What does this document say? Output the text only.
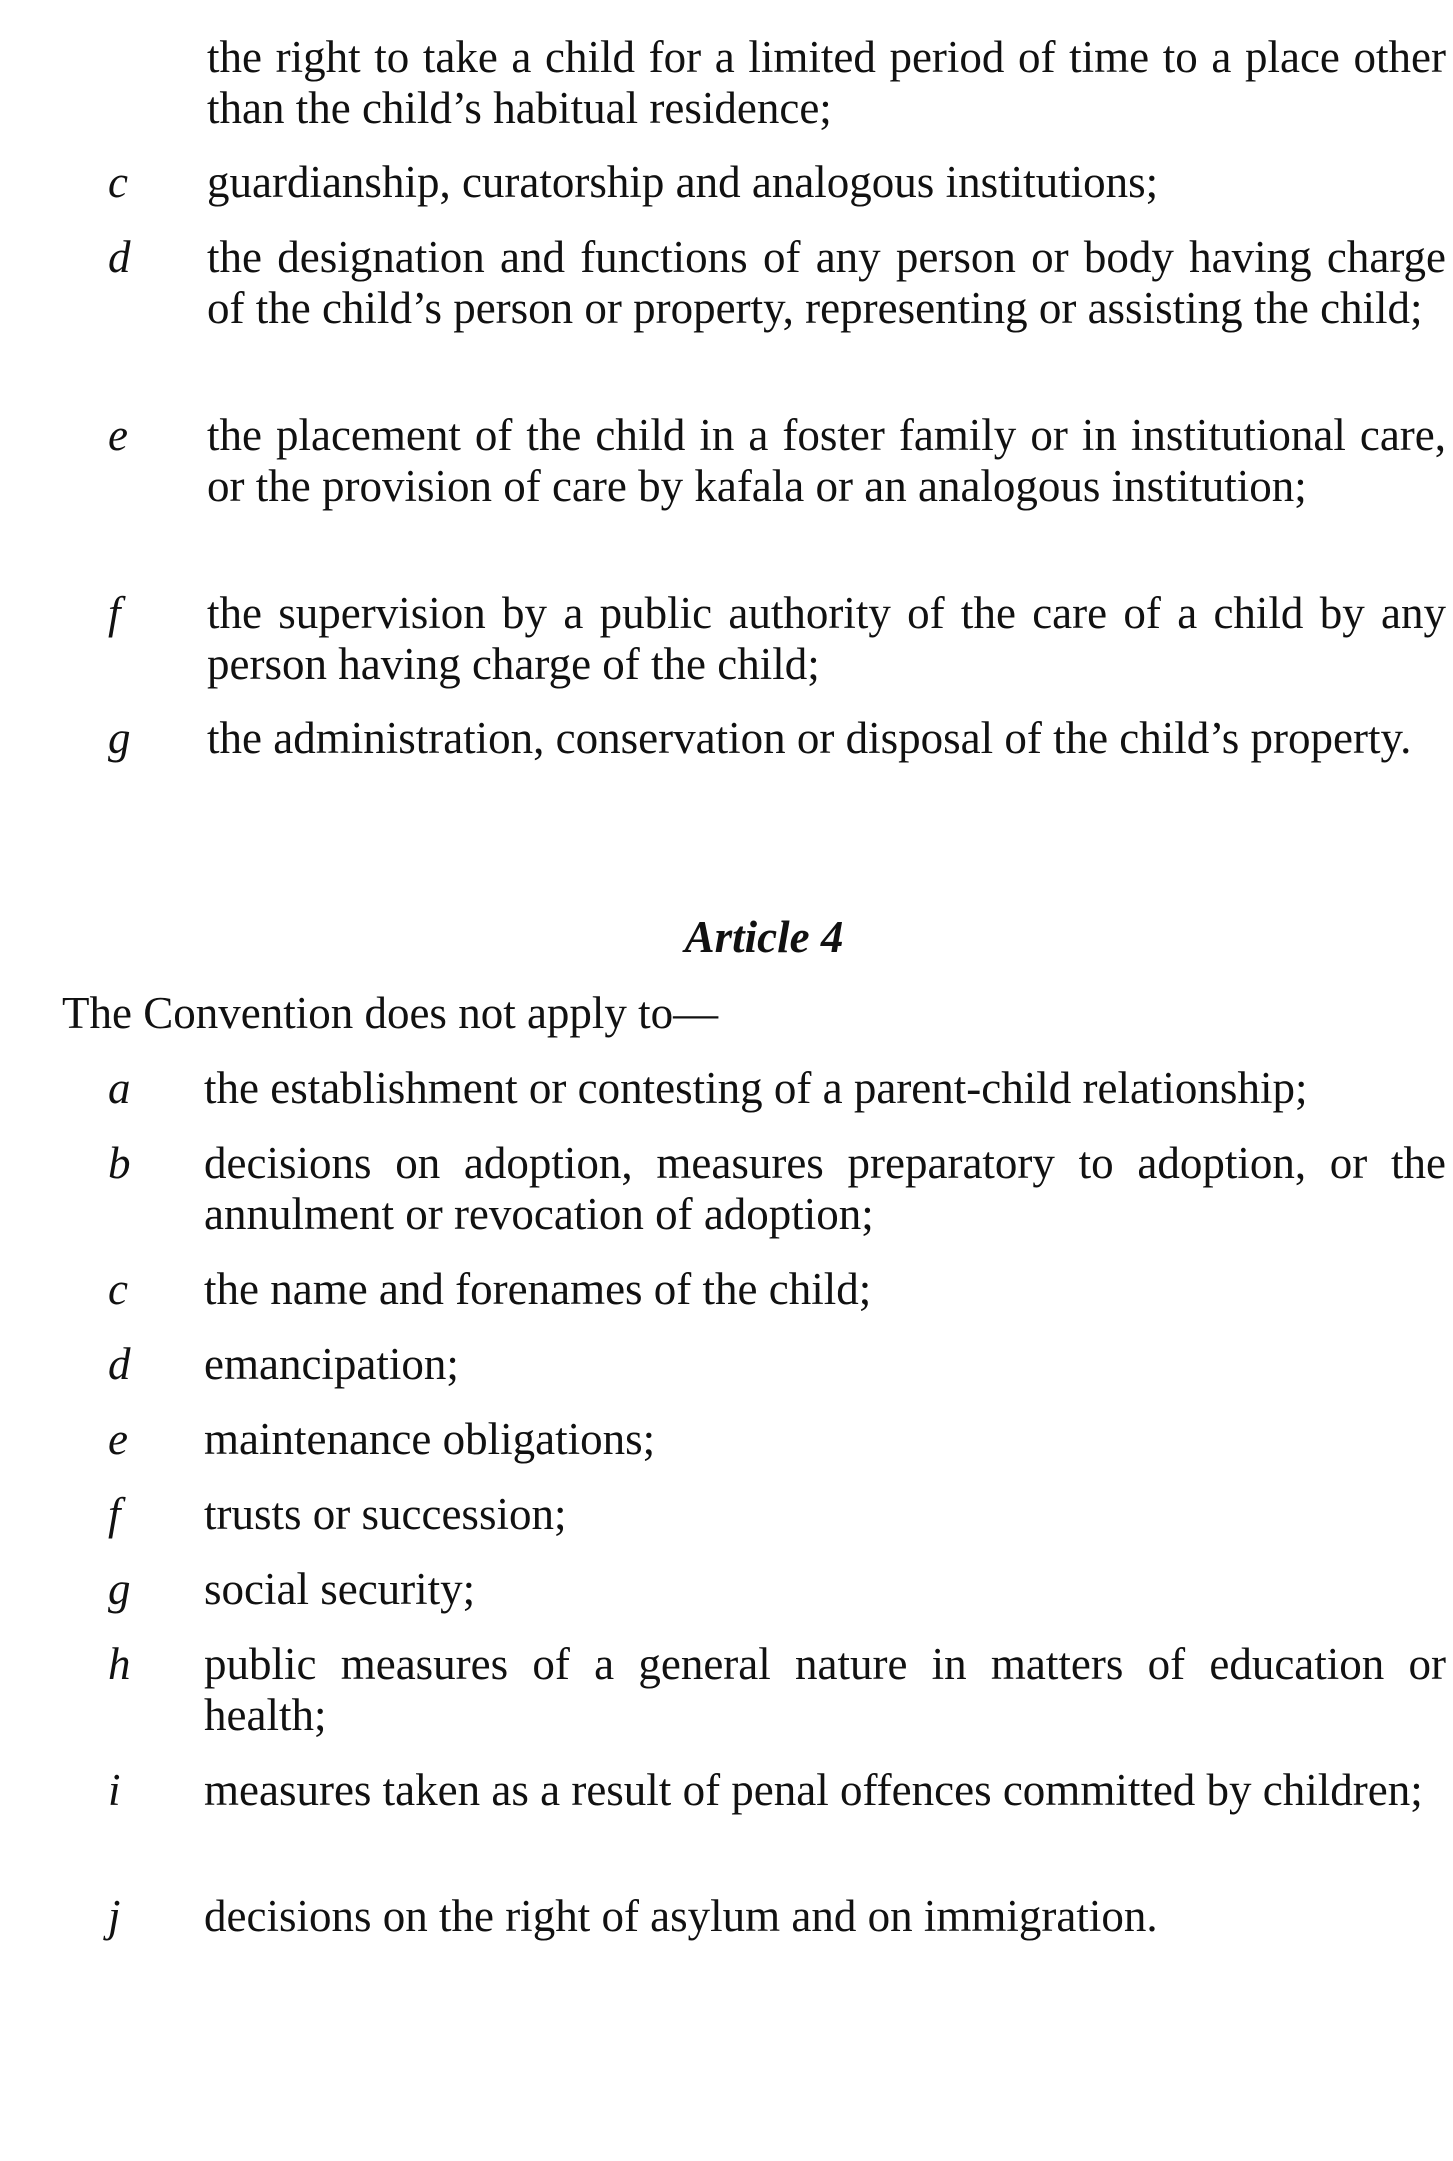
the right to take a child for a limited period of time to a place other than the child’s habitual residence;
c guardianship, curatorship and analogous institutions;
d the designation and functions of any person or body having charge of the child’s person or property, representing or assisting the child;
e the placement of the child in a foster family or in institutional care, or the provision of care by kafala or an analogous institution;
f the supervision by a public authority of the care of a child by any person having charge of the child;
g the administration, conservation or disposal of the child’s property.
Article 4
The Convention does not apply to—
a the establishment or contesting of a parent-child relationship;
b decisions on adoption, measures preparatory to adoption, or the annulment or revocation of adoption;
c the name and forenames of the child;
d emancipation;
e maintenance obligations;
f trusts or succession;
g social security;
h public measures of a general nature in matters of education or health;
i measures taken as a result of penal offences committed by children;
j decisions on the right of asylum and on immigration.
